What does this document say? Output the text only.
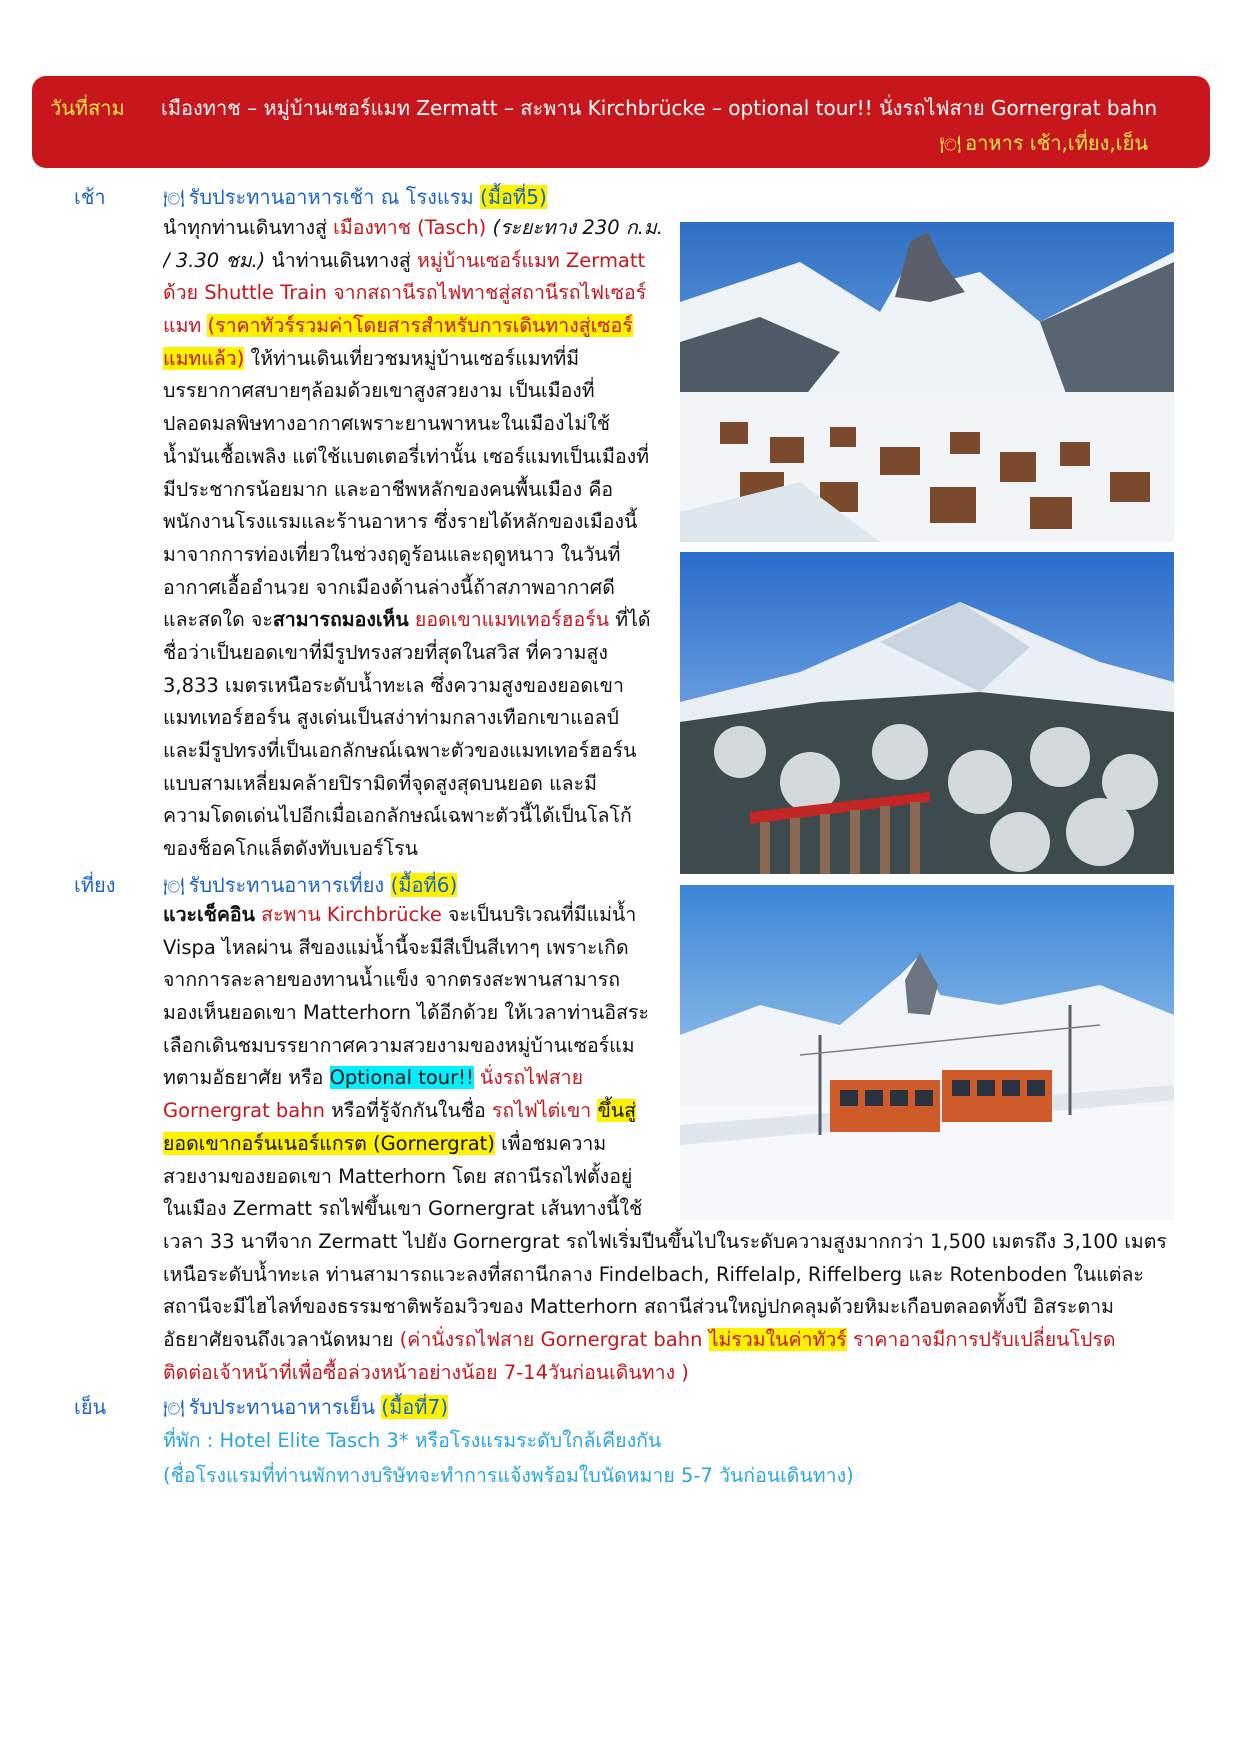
วันที่สาม เมืองทาช – หมู่บ้านเซอร์แมท Zermatt – สะพาน Kirchbrücke – optional tour!! นั่งรถไฟสาย Gornergrat bahn
🍽 อาหาร เช้า,เที่ยง,เย็น
เช้า	🍽 รับประทานอาหารเช้า ณ โรงแรม (มื้อที่5)
นำทุกท่านเดินทางสู่ เมืองทาช (Tasch) (ระยะทาง 230 ก.ม.
/ 3.30 ชม.) นำท่านเดินทางสู่ หมู่บ้านเซอร์แมท Zermatt
ด้วย Shuttle Train จากสถานีรถไฟทาชสู่สถานีรถไฟเซอร์
แมท (ราคาทัวร์รวมค่าโดยสารสำหรับการเดินทางสู่เซอร์
แมทแล้ว) ให้ท่านเดินเที่ยวชมหมู่บ้านเซอร์แมทที่มี
บรรยากาศสบายๆล้อมด้วยเขาสูงสวยงาม เป็นเมืองที่
ปลอดมลพิษทางอากาศเพราะยานพาหนะในเมืองไม่ใช้
น้ำมันเชื้อเพลิง แต่ใช้แบตเตอรี่เท่านั้น เซอร์แมทเป็นเมืองที่
มีประชากรน้อยมาก และอาชีพหลักของคนพื้นเมือง คือ
พนักงานโรงแรมและร้านอาหาร ซึ่งรายได้หลักของเมืองนี้
มาจากการท่องเที่ยวในช่วงฤดูร้อนและฤดูหนาว ในวันที่
อากาศเอื้ออำนวย จากเมืองด้านล่างนี้ถ้าสภาพอากาศดี
และสดใด จะสามารถมองเห็น ยอดเขาแมทเทอร์ฮอร์น ที่ได้
ชื่อว่าเป็นยอดเขาที่มีรูปทรงสวยที่สุดในสวิส ที่ความสูง
3,833 เมตรเหนือระดับน้ำทะเล ซึ่งความสูงของยอดเขา
แมทเทอร์ฮอร์น สูงเด่นเป็นสง่าท่ามกลางเทือกเขาแอลป์
และมีรูปทรงที่เป็นเอกลักษณ์เฉพาะตัวของแมทเทอร์ฮอร์น
แบบสามเหลี่ยมคล้ายปิรามิดที่จุดสูงสุดบนยอด และมี
ความโดดเด่นไปอีกเมื่อเอกลักษณ์เฉพาะตัวนี้ได้เป็นโลโก้
ของช็อคโกแล็ตดังทับเบอร์โรน
เที่ยง	🍽 รับประทานอาหารเที่ยง (มื้อที่6)
แวะเช็คอิน สะพาน Kirchbrücke จะเป็นบริเวณที่มีแม่น้ำ
Vispa ไหลผ่าน สีของแม่น้ำนี้จะมีสีเป็นสีเทาๆ เพราะเกิด
จากการละลายของทานน้ำแข็ง จากตรงสะพานสามารถ
มองเห็นยอดเขา Matterhorn ได้อีกด้วย ให้เวลาท่านอิสระ
เลือกเดินชมบรรยากาศความสวยงามของหมู่บ้านเซอร์แม
ทตามอัธยาศัย หรือ Optional tour!! นั่งรถไฟสาย
Gornergrat bahn หรือที่รู้จักกันในชื่อ รถไฟไต่เขา ขึ้นสู่
ยอดเขากอร์นเนอร์แกรต (Gornergrat) เพื่อชมความ
สวยงามของยอดเขา Matterhorn โดย สถานีรถไฟตั้งอยู่
ในเมือง Zermatt รถไฟขึ้นเขา Gornergrat เส้นทางนี้ใช้
เวลา 33 นาทีจาก Zermatt ไปยัง Gornergrat รถไฟเริ่มปีนขึ้นไปในระดับความสูงมากกว่า 1,500 เมตรถึง 3,100 เมตร
เหนือระดับน้ำทะเล ท่านสามารถแวะลงที่สถานีกลาง Findelbach, Riffelalp, Riffelberg และ Rotenboden ในแต่ละ
สถานีจะมีไฮไลท์ของธรรมชาติพร้อมวิวของ Matterhorn สถานีส่วนใหญ่ปกคลุมด้วยหิมะเกือบตลอดทั้งปี อิสระตาม
อัธยาศัยจนถึงเวลานัดหมาย (ค่านั่งรถไฟสาย Gornergrat bahn ไม่รวมในค่าทัวร์ ราคาอาจมีการปรับเปลี่ยนโปรด
ติดต่อเจ้าหน้าที่เพื่อซื้อล่วงหน้าอย่างน้อย 7-14วันก่อนเดินทาง )
เย็น	🍽 รับประทานอาหารเย็น (มื้อที่7)
ที่พัก : Hotel Elite Tasch 3* หรือโรงแรมระดับใกล้เคียงกัน
(ชื่อโรงแรมที่ท่านพักทางบริษัทจะทำการแจ้งพร้อมใบนัดหมาย 5-7 วันก่อนเดินทาง)
